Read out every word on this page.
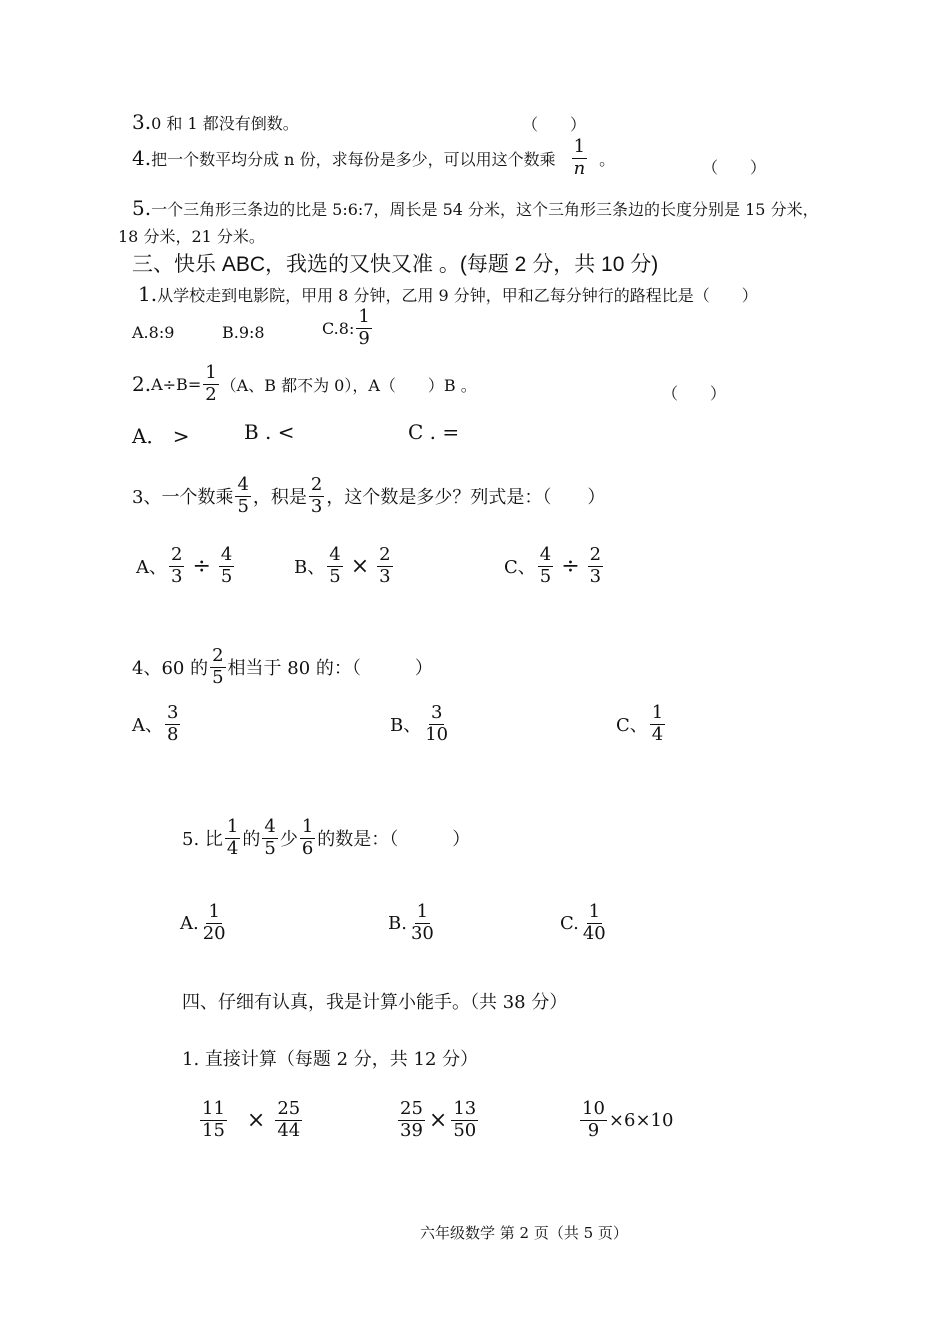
3.0 和 1 都没有倒数。	（　　）
4. 把一个数平均分成 n 份，求每份是多少，可以用这个数乘 $\frac{1}{n}$ 。	（　　）
5.一个三角形三条边的比是 5:6:7，周长是 54 分米，这个三角形三条边的长度分别是 15 分米，
18 分米，21 分米。
三、快乐 ABC，我选的又快又准 。(每题 2 分，共 10 分)
1.从学校走到电影院，甲用 8 分钟，乙用 9 分钟，甲和乙每分钟行的路程比是（　　）
A.8:9	B.9:8	C.8: $\frac{1}{9}$
2. $A\div B= \frac{1}{2} (A$、B 都不为 0），A（　　）B 。	（　　）
A． >	B . <	C . =
3、一个数乘 $\frac{4}{5}$ ，积是 $\frac{2}{3}$ ，这个数是多少？列式是：（　　）
A、 $\frac{2}{3} \div \frac{4}{5}$	B、 $\frac{4}{5} \times \frac{2}{3}$	C、 $\frac{4}{5} \div \frac{2}{3}$
4、60 的 $\frac{2}{5}$ 相当于 80 的：（　　　）
A、 $\frac{3}{8}$	B、 $\frac{3}{10}$	C、 $\frac{1}{4}$
5. 比 $\frac{1}{4}$ 的 $\frac{4}{5}$ 少 $\frac{1}{6}$ 的数是：（　　　）
A. $\frac{1}{20}$	B. $\frac{1}{30}$	C. $\frac{1}{40}$
四、仔细有认真，我是计算小能手。（共 38 分）
1. 直接计算（每题 2 分，共 12 分）
$\frac{11}{15} \times \frac{25}{44}$	$\frac{25}{39} \times \frac{13}{50}$	$\frac{10}{9} \times 6\times 10$
六年级数学 第 2 页（共 5 页）
